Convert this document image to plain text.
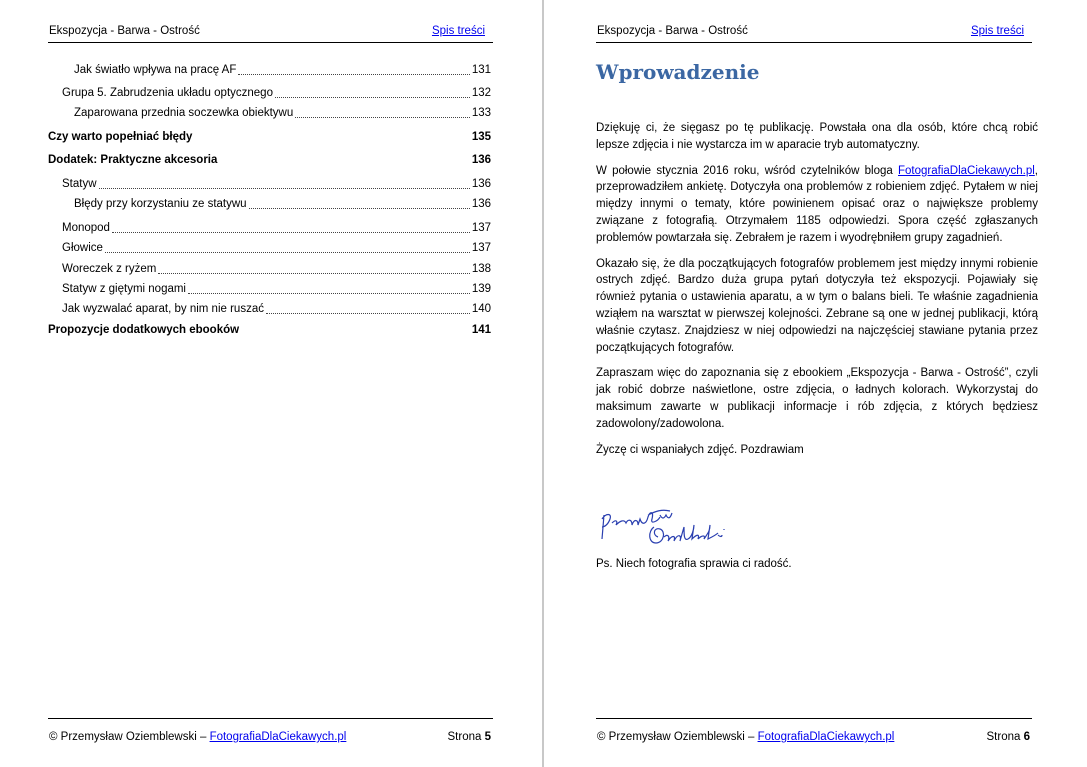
Ekspozycja - Barwa - Ostrość	Spis treści
Jak światło wpływa na pracę AF	131
Grupa 5. Zabrudzenia układu optycznego	132
Zaparowana przednia soczewka obiektywu	133
Czy warto popełniać błędy	135
Dodatek: Praktyczne akcesoria	136
Statyw	136
Błędy przy korzystaniu ze statywu	136
Monopod	137
Głowice	137
Woreczek z ryżem	138
Statyw z giętymi nogami	139
Jak wyzwalać aparat, by nim nie ruszać	140
Propozycje dodatkowych ebooków	141
© Przemysław Oziemblewski – FotografiaDlaCiekawych.pl	Strona 5
Ekspozycja - Barwa - Ostrość	Spis treści
Wprowadzenie

Dziękuję ci, że sięgasz po tę publikację. Powstała ona dla osób, które chcą robić lepsze zdjęcia i nie wystarcza im w aparacie tryb automatyczny.

W połowie stycznia 2016 roku, wśród czytelników bloga FotografiaDlaCiekawych.pl, przeprowadziłem ankietę. Dotyczyła ona problemów z robieniem zdjęć. Pytałem w niej między innymi o tematy, które powinienem opisać oraz o największe problemy związane z fotografią. Otrzymałem 1185 odpowiedzi. Spora część zgłaszanych problemów powtarzała się. Zebrałem je razem i wyodrębniłem grupy zagadnień.

Okazało się, że dla początkujących fotografów problemem jest między innymi robienie ostrych zdjęć. Bardzo duża grupa pytań dotyczyła też ekspozycji. Pojawiały się również pytania o ustawienia aparatu, a w tym o balans bieli. Te właśnie zagadnienia wziąłem na warsztat w pierwszej kolejności. Zebrane są one w jednej publikacji, którą właśnie czytasz. Znajdziesz w niej odpowiedzi na najczęściej stawiane pytania przez początkujących fotografów.

Zapraszam więc do zapoznania się z ebookiem „Ekspozycja - Barwa - Ostrość”, czyli jak robić dobrze naświetlone, ostre zdjęcia, o ładnych kolorach. Wykorzystaj do maksimum zawarte w publikacji informacje i rób zdjęcia, z których będziesz zadowolony/zadowolona.

Życzę ci wspaniałych zdjęć. Pozdrawiam

Ps. Niech fotografia sprawia ci radość.
© Przemysław Oziemblewski – FotografiaDlaCiekawych.pl	Strona 6
